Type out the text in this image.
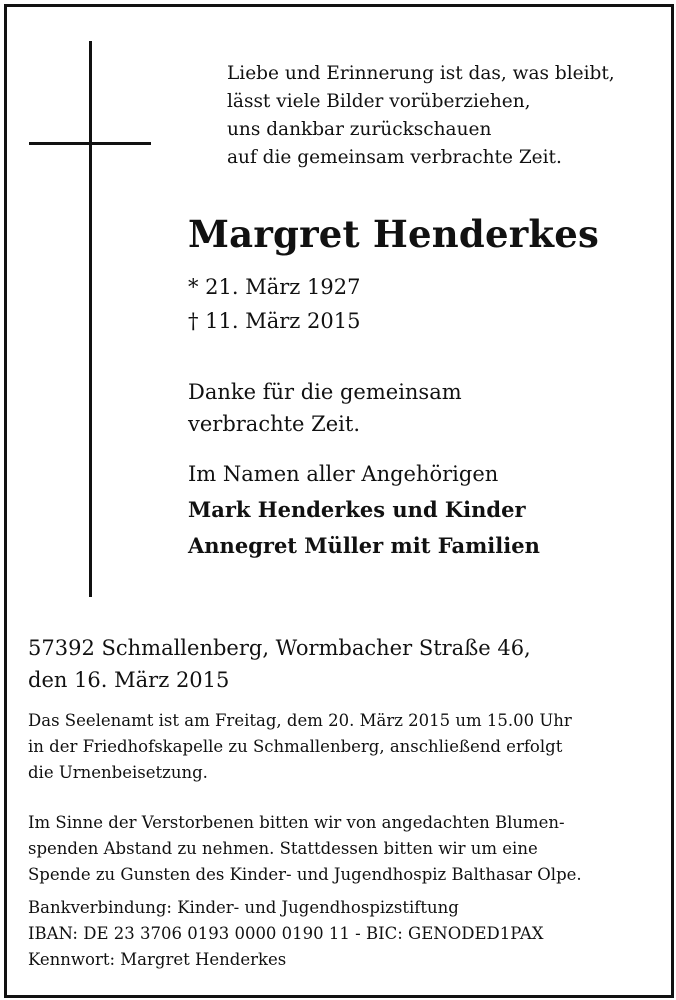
Liebe und Erinnerung ist das, was bleibt,
lässt viele Bilder vorüberziehen,
uns dankbar zurückschauen
auf die gemeinsam verbrachte Zeit.
Margret Henderkes
* 21. März 1927
† 11. März 2015
Danke für die gemeinsam
verbrachte Zeit.
Im Namen aller Angehörigen
Mark Henderkes und Kinder
Annegret Müller mit Familien
57392 Schmallenberg, Wormbacher Straße 46,
den 16. März 2015
Das Seelenamt ist am Freitag, dem 20. März 2015 um 15.00 Uhr
in der Friedhofskapelle zu Schmallenberg, anschließend erfolgt
die Urnenbeisetzung.
Im Sinne der Verstorbenen bitten wir von angedachten Blumen-
spenden Abstand zu nehmen. Stattdessen bitten wir um eine
Spende zu Gunsten des Kinder- und Jugendhospiz Balthasar Olpe.
Bankverbindung: Kinder- und Jugendhospizstiftung
IBAN: DE 23 3706 0193 0000 0190 11 - BIC: GENODED1PAX
Kennwort: Margret Henderkes
